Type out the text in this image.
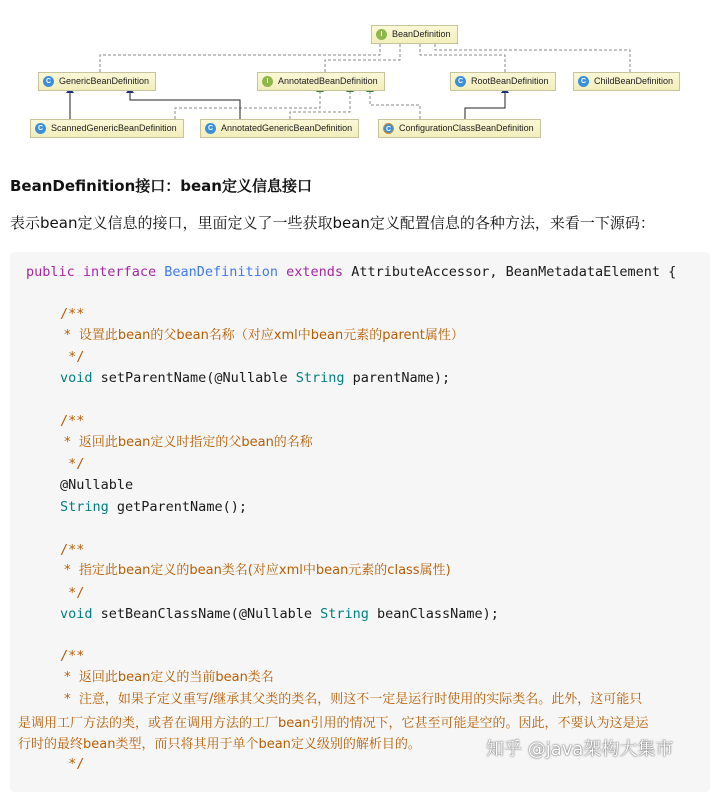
I	BeanDefinition
C GenericBeanDefinition	I	AnnotatedBeanDefinition	C RootBeanDefinition	C ChildBeanDefinition
C ScannedGenericBeanDefinition	C AnnotatedGenericBeanDefinition	C ConfigurationClassBeanDefinition
BeanDefinition接口：bean定义信息接口

表示bean定义信息的接口，里面定义了一些获取bean定义配置信息的各种方法，来看一下源码：

public interface BeanDefinition extends AttributeAccessor, BeanMetadataElement {
/**
*  设置此bean的父bean名称（对应xml中bean元素的parent属性）
*/
void setParentName(@Nullable String parentName);
/**
*  返回此bean定义时指定的父bean的名称
*/
@Nullable
String getParentName();
/**
*  指定此bean定义的bean类名(对应xml中bean元素的class属性)
*/
void setBeanClassName(@Nullable String beanClassName);
/**
*  返回此bean定义的当前bean类名
*  注意，如果子定义重写/继承其父类的类名，则这不一定是运行时使用的实际类名。此外，这可能只
是调用工厂方法的类，或者在调用方法的工厂bean引用的情况下，它甚至可能是空的。因此，不要认为这是运
行时的最终bean类型，而只将其用于单个bean定义级别的解析目的。
*/
知乎 @java架构大集市
